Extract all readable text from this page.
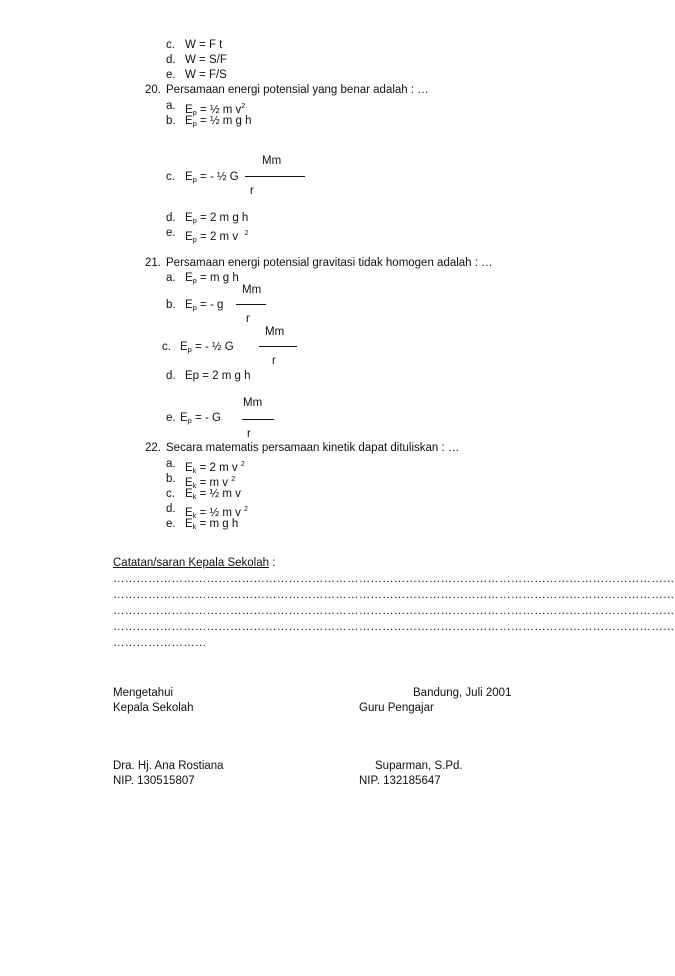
c. W = F t
d. W = S/F
e. W = F/S
20. Persamaan energi potensial yang benar adalah : …
a. $E_p$ = ½ m $v^2$
b. $E_p$ = ½ m g h
Mm
c. $E_p$ = - ½ G
r
d. $E_p = 2$ m g h
e. $E_p = 2$ m v $^2$
21. Persamaan energi potensial gravitasi tidak homogen adalah : …
a. $E_p = m$ g h
Mm
b. $E_p$ = - g
r
Mm
c. $E_p$ = - ½ G
r
d. Ep = 2 m g h
Mm
e. $E_p$ = - G
r
22. Secara matematis persamaan kinetik dapat dituliskan : …
a. $E_k = 2$ m v $^2$
b. $E_k = m$ v $^2$
c. $E_k$ = ½ m v
d. $E_k$ = ½ m v $^2$
e. $E_k = m$ g h
Catatan/saran Kepala Sekolah :
………………………………………………………………………………………………………………………………
………………………………………………………………………………………………………………………………
………………………………………………………………………………………………………………………………
………………………………………………………………………………………………………………………………
……………………
Mengetahui	Bandung, Juli 2001
Kepala Sekolah	Guru Pengajar
Dra. Hj. Ana Rostiana	Suparman, S.Pd.
NIP. 130515807	NIP. 132185647
